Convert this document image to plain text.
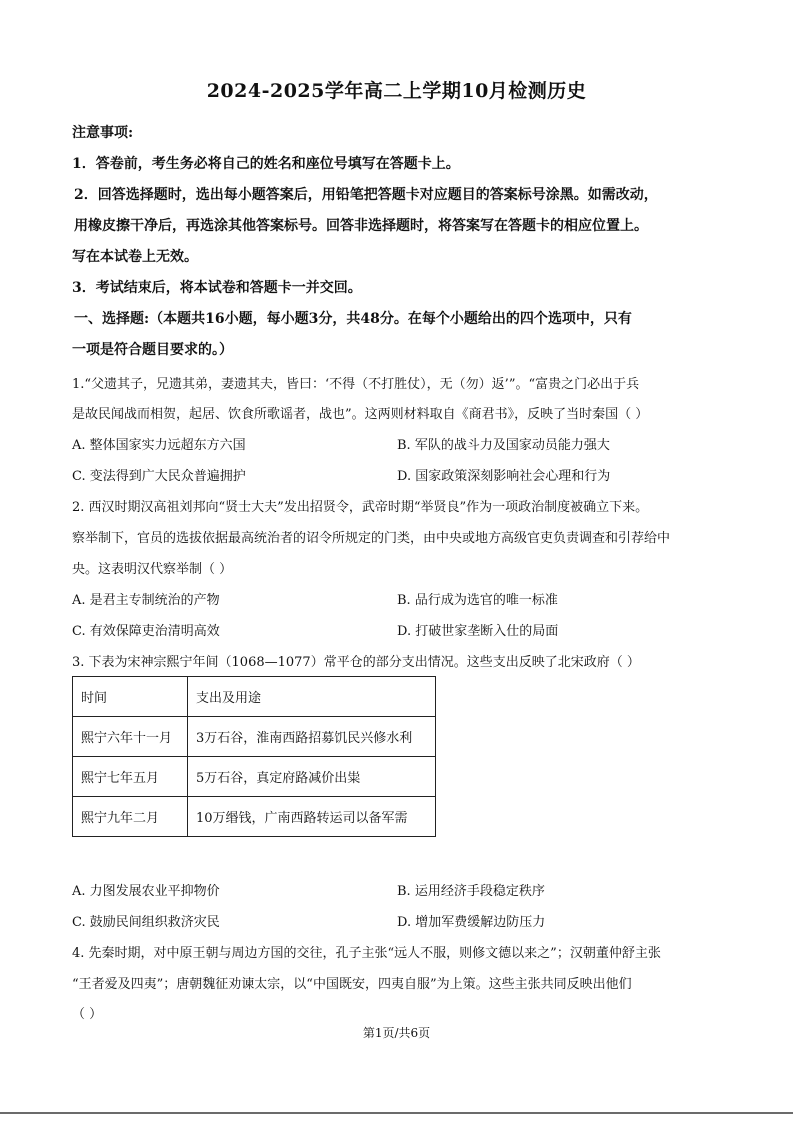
2024-2025学年高二上学期10月检测历史
注意事项:
1．答卷前，考生务必将自己的姓名和座位号填写在答题卡上。
2．回答选择题时，选出每小题答案后，用铅笔把答题卡对应题目的答案标号涂黑。如需改动，
用橡皮擦干净后，再选涂其他答案标号。回答非选择题时，将答案写在答题卡的相应位置上。
写在本试卷上无效。
3．考试结束后，将本试卷和答题卡一并交回。
一、选择题:（本题共16小题，每小题3分，共48分。在每个小题给出的四个选项中，只有
一项是符合题目要求的。）
1.“父遗其子，兄遗其弟，妻遗其夫，皆曰：‘不得（不打胜仗），无（勿）返’”。“富贵之门必出于兵
是故民闻战而相贺，起居、饮食所歌谣者，战也”。这两则材料取自《商君书》，反映了当时秦国（ ）
A. 整体国家实力远超东方六国	B. 军队的战斗力及国家动员能力强大
C. 变法得到广大民众普遍拥护	D. 国家政策深刻影响社会心理和行为
2. 西汉时期汉高祖刘邦向“贤士大夫”发出招贤令，武帝时期“举贤良”作为一项政治制度被确立下来。
察举制下，官员的选拔依据最高统治者的诏令所规定的门类，由中央或地方高级官吏负责调查和引荐给中
央。这表明汉代察举制（ ）
A. 是君主专制统治的产物	B. 品行成为选官的唯一标准
C. 有效保障吏治清明高效	D. 打破世家垄断入仕的局面
3. 下表为宋神宗熙宁年间（1068—1077）常平仓的部分支出情况。这些支出反映了北宋政府（ ）
时间	支出及用途
熙宁六年十一月	3万石谷，淮南西路招募饥民兴修水利
熙宁七年五月	5万石谷，真定府路减价出粜
熙宁九年二月	10万缗钱，广南西路转运司以备军需
A. 力图发展农业平抑物价	B. 运用经济手段稳定秩序
C. 鼓励民间组织救济灾民	D. 增加军费缓解边防压力
4. 先秦时期，对中原王朝与周边方国的交往，孔子主张“远人不服，则修文德以来之”；汉朝董仲舒主张
“王者爱及四夷”；唐朝魏征劝谏太宗，以“中国既安，四夷自服”为上策。这些主张共同反映出他们
（ ）
第1页/共6页
